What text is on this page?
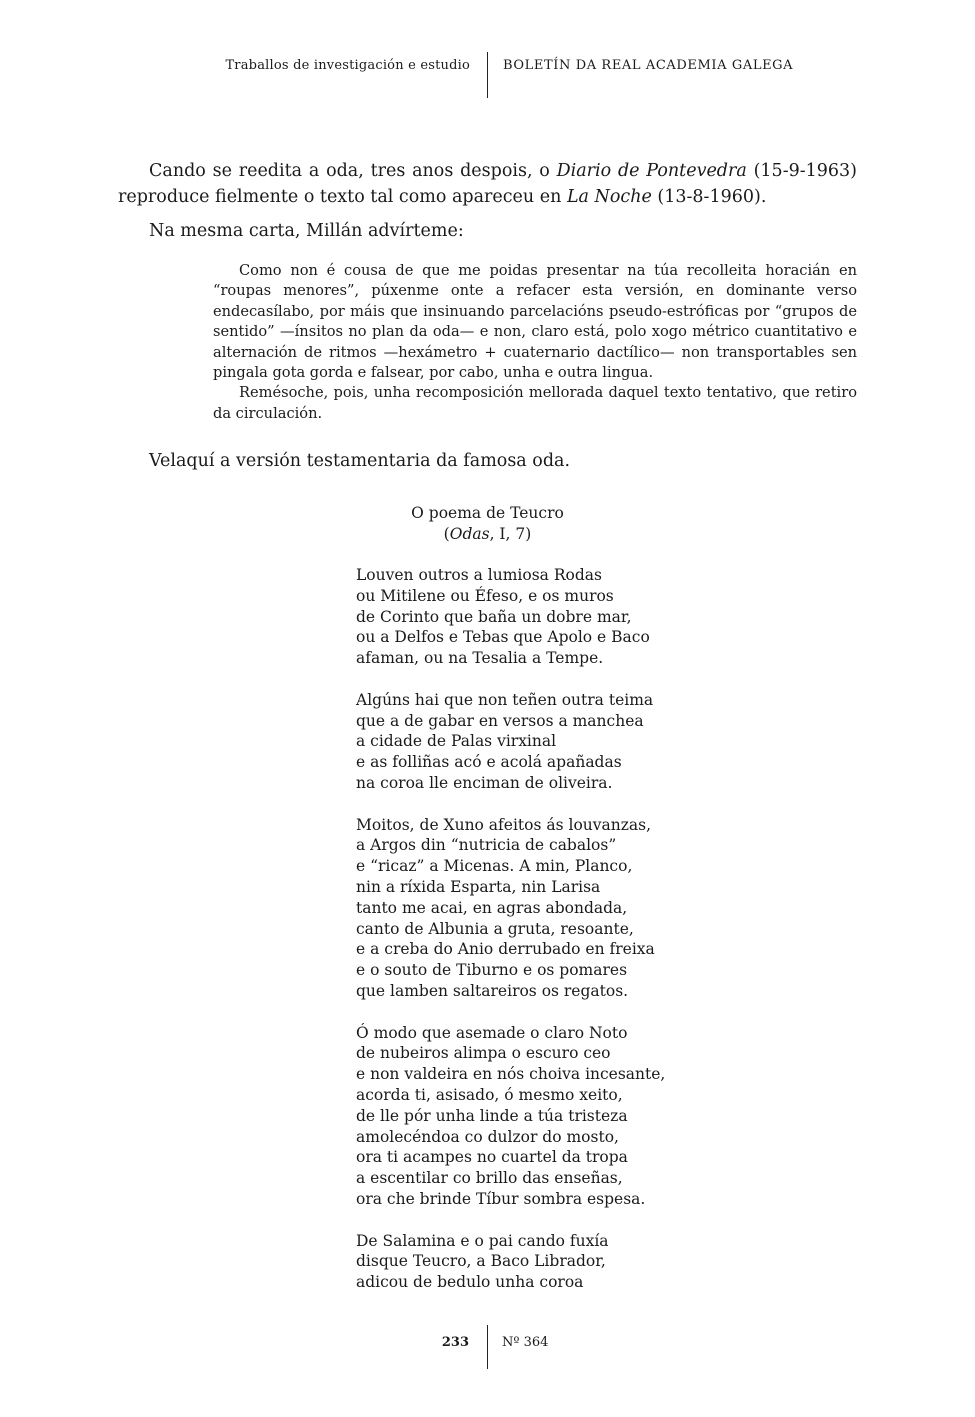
Traballos de investigación e estudio	BOLETÍN DA REAL ACADEMIA GALEGA
Cando se reedita a oda, tres anos despois, o Diario de Pontevedra (15-9-1963) reproduce fielmente o texto tal como apareceu en La Noche (13-8-1960).
Na mesma carta, Millán advírteme:

Como non é cousa de que me poidas presentar na túa recolleita horacián en “roupas menores”, púxenme onte a refacer esta versión, en dominante verso endecasílabo, por máis que insinuando parcelacións pseudo-estróficas por “grupos de sentido” —ínsitos no plan da oda— e non, claro está, polo xogo métrico cuantitativo e alternación de ritmos —hexámetro + cuaternario dactílico— non transportables sen pingala gota gorda e falsear, por cabo, unha e outra lingua.

Remésoche, pois, unha recomposición mellorada daquel texto tentativo, que retiro da circulación.

Velaquí a versión testamentaria da famosa oda.
O poema de Teucro
(Odas, I, 7)
Louven outros a lumiosa Rodas
ou Mitilene ou Éfeso, e os muros
de Corinto que baña un dobre mar,
ou a Delfos e Tebas que Apolo e Baco
afaman, ou na Tesalia a Tempe.
Algúns hai que non teñen outra teima
que a de gabar en versos a manchea
a cidade de Palas virxinal
e as folliñas acó e acolá apañadas
na coroa lle enciman de oliveira.
Moitos, de Xuno afeitos ás louvanzas,
a Argos din “nutricia de cabalos”
e “ricaz” a Micenas. A min, Planco,
nin a ríxida Esparta, nin Larisa
tanto me acai, en agras abondada,
canto de Albunia a gruta, resoante,
e a creba do Anio derrubado en freixa
e o souto de Tiburno e os pomares
que lamben saltareiros os regatos.
Ó modo que asemade o claro Noto
de nubeiros alimpa o escuro ceo
e non valdeira en nós choiva incesante,
acorda ti, asisado, ó mesmo xeito,
de lle pór unha linde a túa tristeza
amolecéndoa co dulzor do mosto,
ora ti acampes no cuartel da tropa
a escentilar co brillo das enseñas,
ora che brinde Tíbur sombra espesa.
De Salamina e o pai cando fuxía
disque Teucro, a Baco Librador,
adicou de bedulo unha coroa
233	Nº 364
